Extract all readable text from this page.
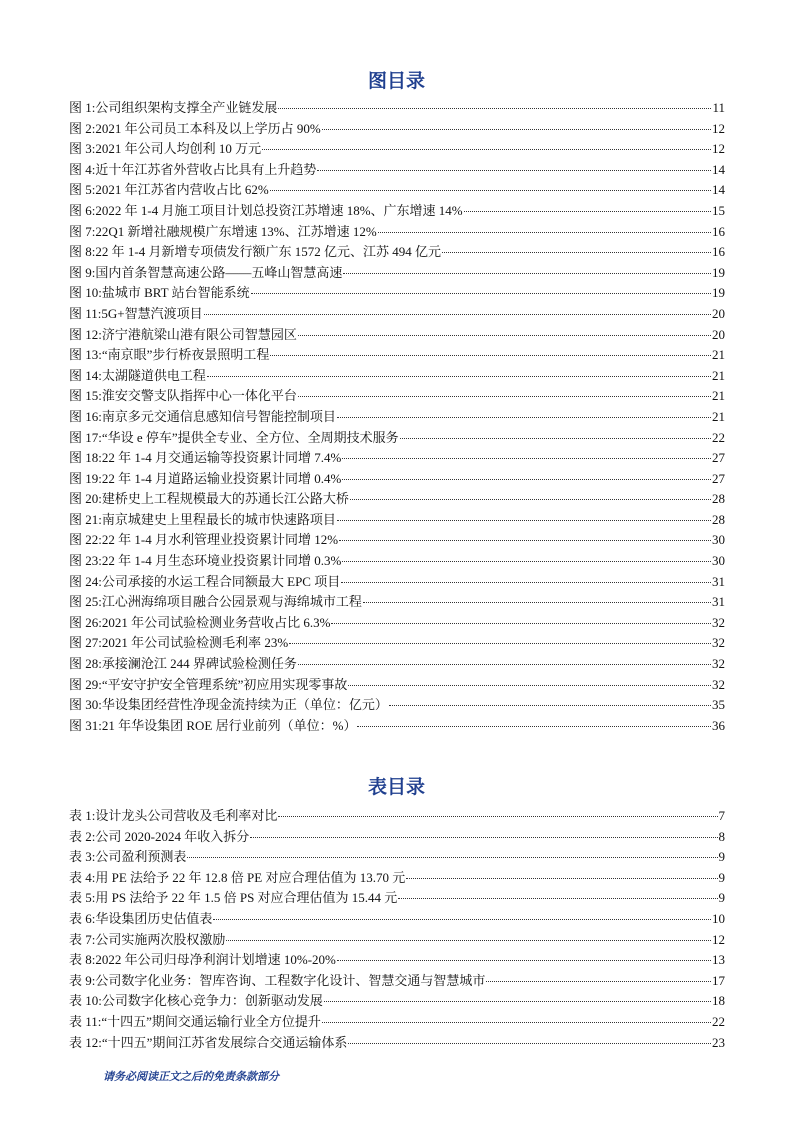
图目录
图 1: 公司组织架构支撑全产业链发展	11
图 2: 2021 年公司员工本科及以上学历占 90%	12
图 3: 2021 年公司人均创利 10 万元	12
图 4: 近十年江苏省外营收占比具有上升趋势	14
图 5: 2021 年江苏省内营收占比 62%	14
图 6: 2022 年 1-4 月施工项目计划总投资江苏增速 18%、广东增速 14%	15
图 7: 22Q1 新增社融规模广东增速 13%、江苏增速 12%	16
图 8: 22 年 1-4 月新增专项债发行额广东 1572 亿元、江苏 494 亿元	16
图 9: 国内首条智慧高速公路——五峰山智慧高速	19
图 10: 盐城市 BRT 站台智能系统	19
图 11: 5G+智慧汽渡项目	20
图 12: 济宁港航梁山港有限公司智慧园区	20
图 13: “南京眼”步行桥夜景照明工程	21
图 14: 太湖隧道供电工程	21
图 15: 淮安交警支队指挥中心一体化平台	21
图 16: 南京多元交通信息感知信号智能控制项目	21
图 17: “华设 e 停车”提供全专业、全方位、全周期技术服务	22
图 18: 22 年 1-4 月交通运输等投资累计同增 7.4%	27
图 19: 22 年 1-4 月道路运输业投资累计同增 0.4%	27
图 20: 建桥史上工程规模最大的苏通长江公路大桥	28
图 21: 南京城建史上里程最长的城市快速路项目	28
图 22: 22 年 1-4 月水利管理业投资累计同增 12%	30
图 23: 22 年 1-4 月生态环境业投资累计同增 0.3%	30
图 24: 公司承接的水运工程合同额最大 EPC 项目	31
图 25: 江心洲海绵项目融合公园景观与海绵城市工程	31
图 26: 2021 年公司试验检测业务营收占比 6.3%	32
图 27: 2021 年公司试验检测毛利率 23%	32
图 28: 承接澜沧江 244 界碑试验检测任务	32
图 29: “平安守护安全管理系统”初应用实现零事故	32
图 30: 华设集团经营性净现金流持续为正（单位：亿元）	35
图 31: 21 年华设集团 ROE 居行业前列（单位：%）	36
表目录
表 1: 设计龙头公司营收及毛利率对比	7
表 2: 公司 2020-2024 年收入拆分	8
表 3: 公司盈利预测表	9
表 4: 用 PE 法给予 22 年 12.8 倍 PE 对应合理估值为 13.70 元	9
表 5: 用 PS 法给予 22 年 1.5 倍 PS 对应合理估值为 15.44 元	9
表 6: 华设集团历史估值表	10
表 7: 公司实施两次股权激励	12
表 8: 2022 年公司归母净利润计划增速 10%-20%	13
表 9: 公司数字化业务：智库咨询、工程数字化设计、智慧交通与智慧城市	17
表 10: 公司数字化核心竞争力：创新驱动发展	18
表 11: “十四五”期间交通运输行业全方位提升	22
表 12: “十四五”期间江苏省发展综合交通运输体系	23
请务必阅读正文之后的免责条款部分
